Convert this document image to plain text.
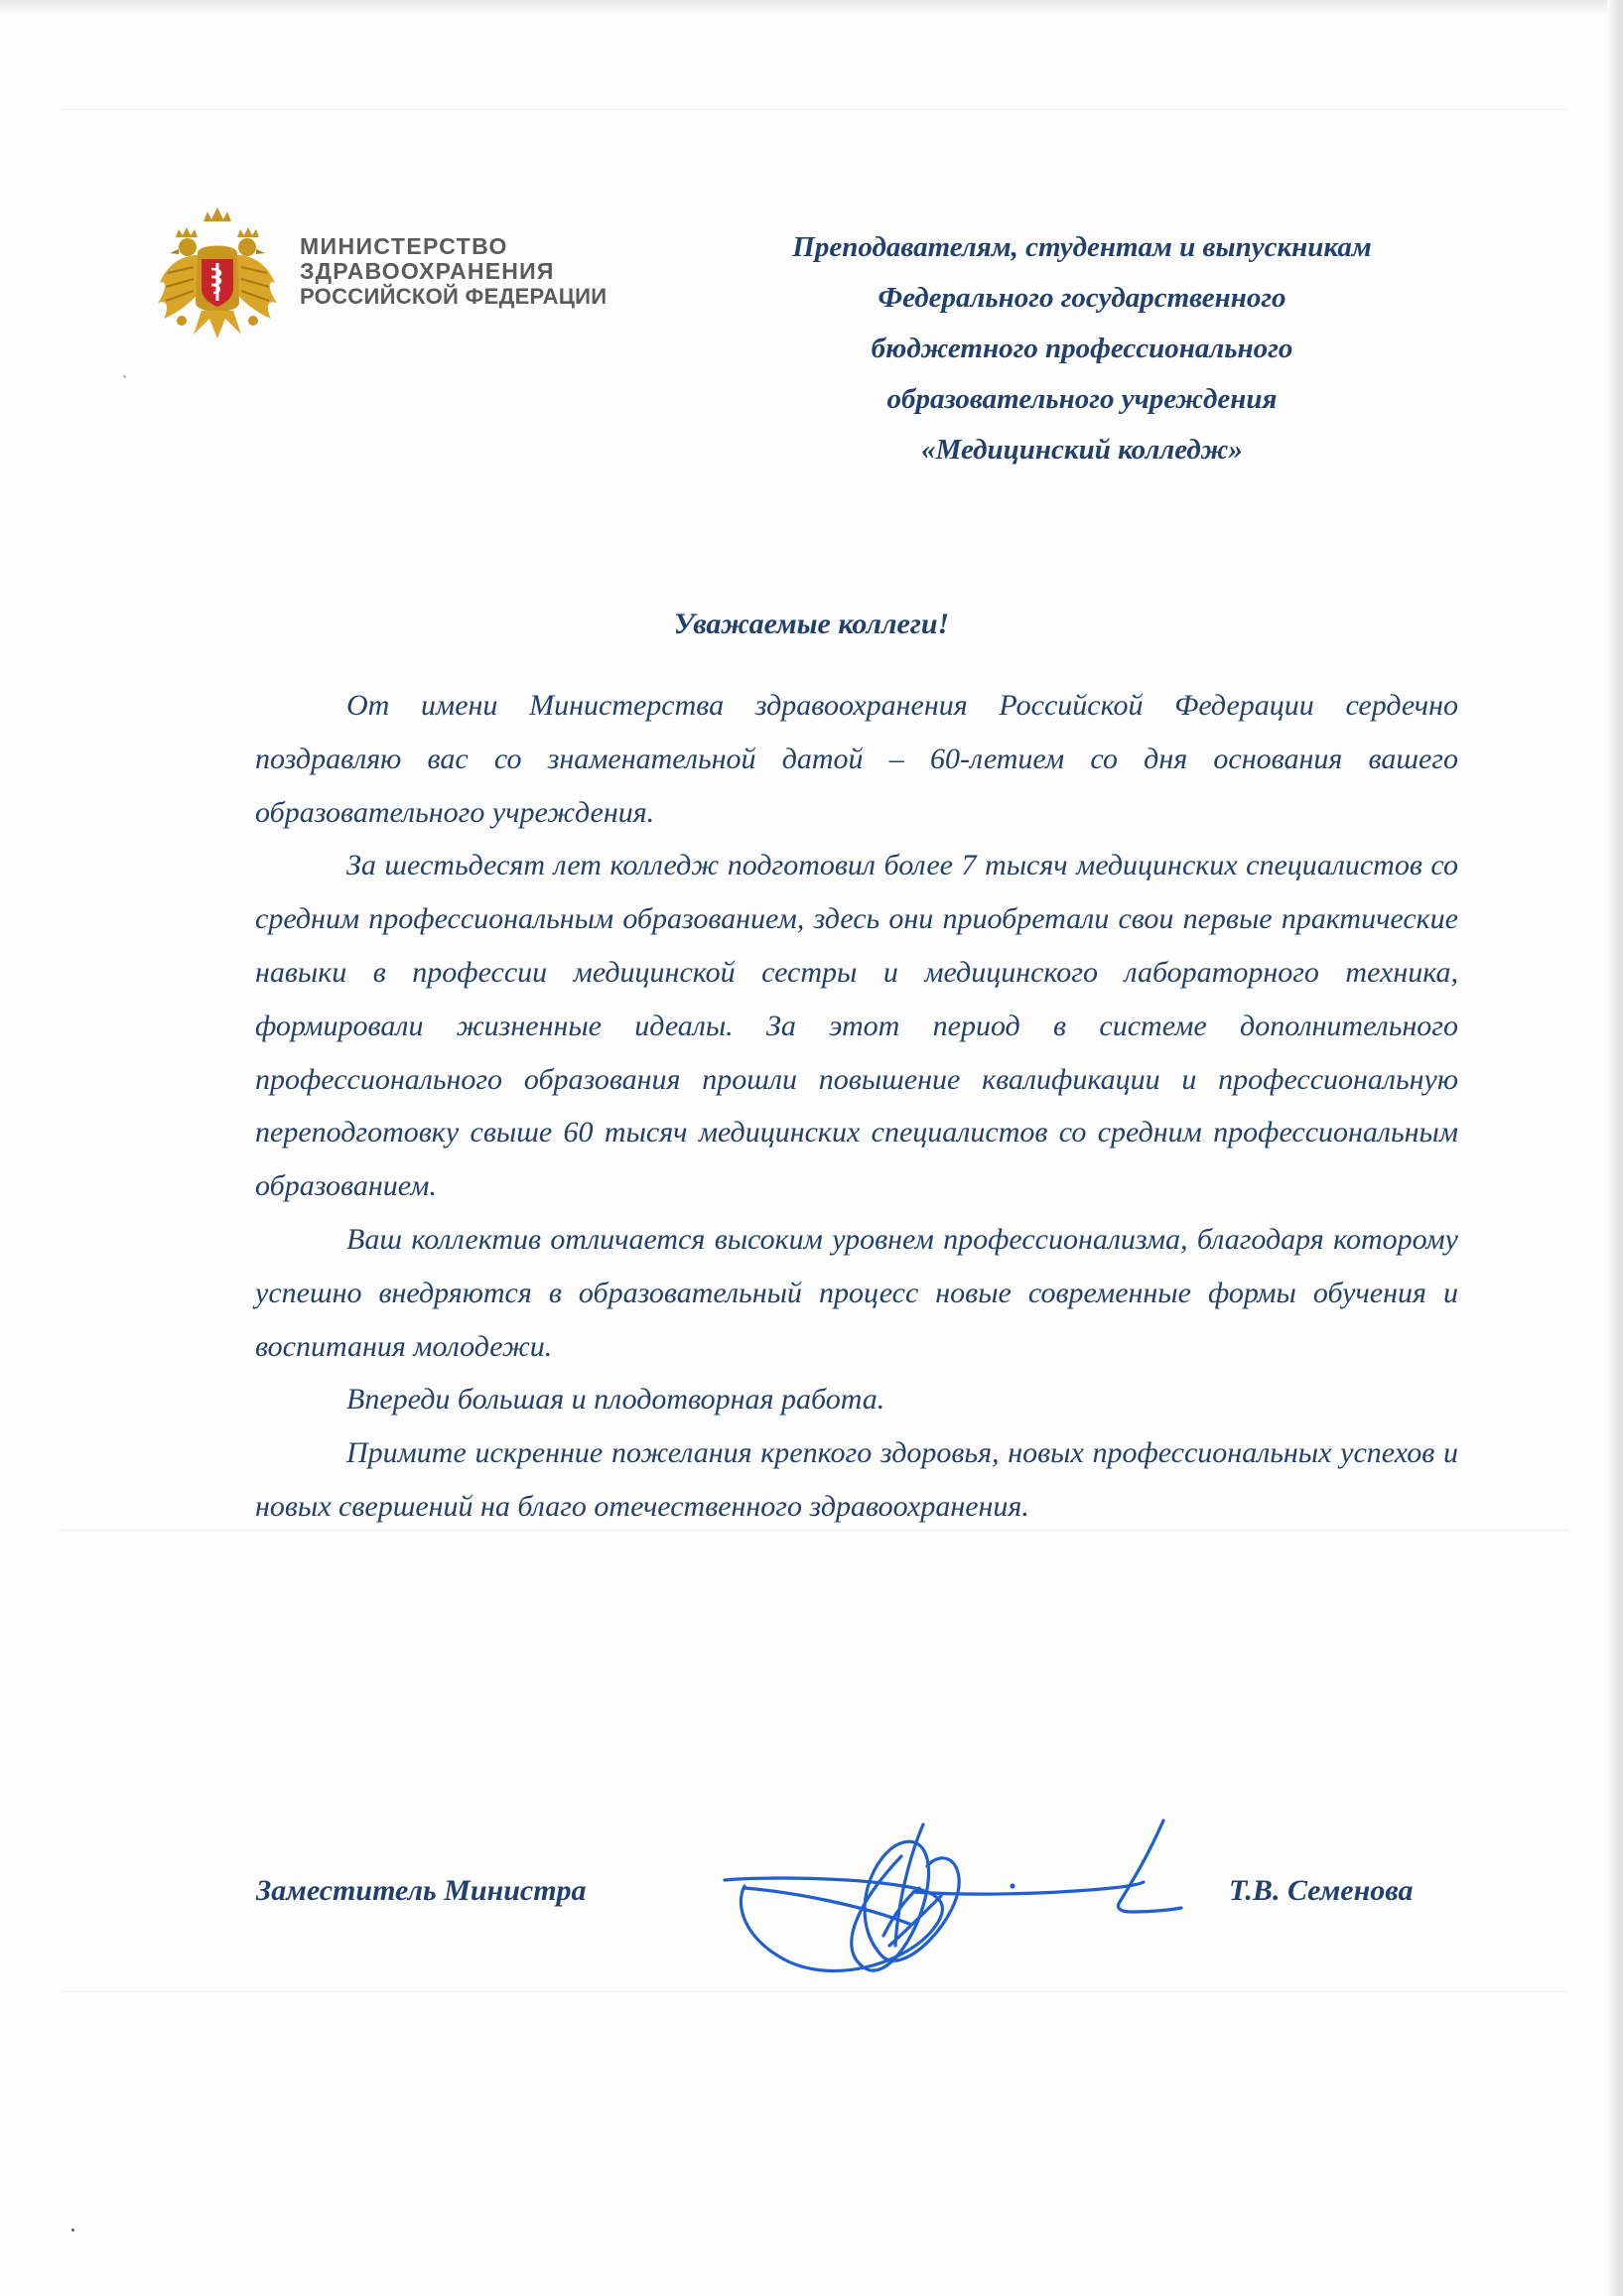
МИНИСТЕРСТВО
ЗДРАВООХРАНЕНИЯ
РОССИЙСКОЙ ФЕДЕРАЦИИ
Преподавателям, студентам и выпускникам
Федерального государственного
бюджетного профессионального
образовательного учреждения
«Медицинский колледж»
Уважаемые коллеги!

От имени Министерства здравоохранения Российской Федерации сердечно поздравляю вас со знаменательной датой – 60-летием со дня основания вашего образовательного учреждения.

За шестьдесят лет колледж подготовил более 7 тысяч медицинских специалистов со средним профессиональным образованием, здесь они приобретали свои первые практические навыки в профессии медицинской сестры и медицинского лабораторного техника, формировали жизненные идеалы. За этот период в системе дополнительного профессионального образования прошли повышение квалификации и профессиональную переподготовку свыше 60 тысяч медицинских специалистов со средним профессиональным образованием.

Ваш коллектив отличается высоким уровнем профессионализма, благодаря которому успешно внедряются в образовательный процесс новые современные формы обучения и воспитания молодежи.

Впереди большая и плодотворная работа.

Примите искренние пожелания крепкого здоровья, новых профессиональных успехов и новых свершений на благо отечественного здравоохранения.

Заместитель Министра	Т.В. Семенова
